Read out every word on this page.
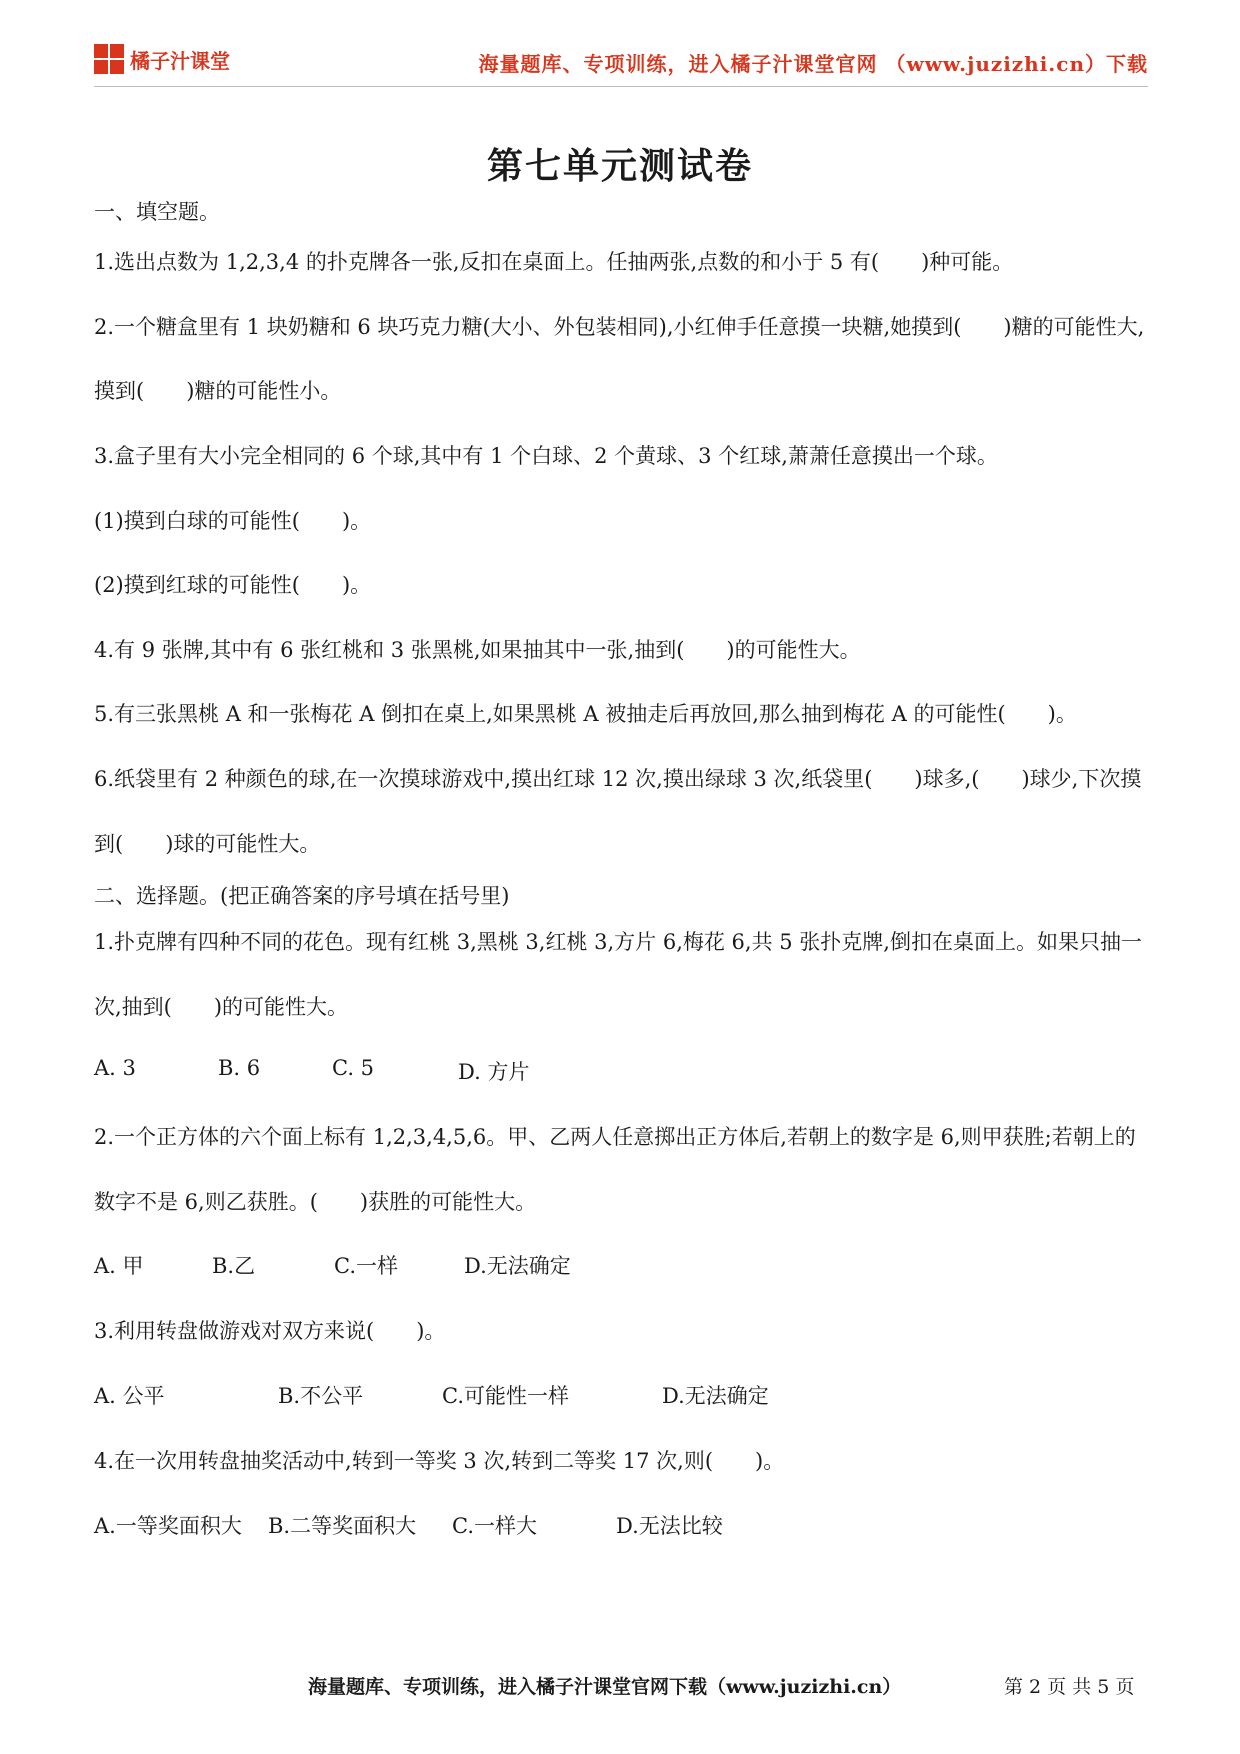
橘子汁课堂	海量题库、专项训练，进入橘子汁课堂官网 （www.juzizhi.cn）下载
第七单元测试卷
一、填空题。
1.选出点数为 1,2,3,4 的扑克牌各一张,反扣在桌面上。任抽两张,点数的和小于 5 有(　　)种可能。
2.一个糖盒里有 1 块奶糖和 6 块巧克力糖(大小、外包装相同),小红伸手任意摸一块糖,她摸到(　　)糖的可能性大,
摸到(　　)糖的可能性小。
3.盒子里有大小完全相同的 6 个球,其中有 1 个白球、2 个黄球、3 个红球,萧萧任意摸出一个球。
(1)摸到白球的可能性(　　)。
(2)摸到红球的可能性(　　)。
4.有 9 张牌,其中有 6 张红桃和 3 张黑桃,如果抽其中一张,抽到(　　)的可能性大。
5.有三张黑桃 A 和一张梅花 A 倒扣在桌上,如果黑桃 A 被抽走后再放回,那么抽到梅花 A 的可能性(　　)。
6.纸袋里有 2 种颜色的球,在一次摸球游戏中,摸出红球 12 次,摸出绿球 3 次,纸袋里(　　)球多,(　　)球少,下次摸
到(　　)球的可能性大。
二、选择题。(把正确答案的序号填在括号里)
1.扑克牌有四种不同的花色。现有红桃 3,黑桃 3,红桃 3,方片 6,梅花 6,共 5 张扑克牌,倒扣在桌面上。如果只抽一
次,抽到(　　)的可能性大。
A. 3	B. 6	C. 5	D. 方片
2.一个正方体的六个面上标有 1,2,3,4,5,6。甲、乙两人任意掷出正方体后,若朝上的数字是 6,则甲获胜;若朝上的
数字不是 6,则乙获胜。(　　)获胜的可能性大。
A. 甲	B.乙	C.一样	D.无法确定
3.利用转盘做游戏对双方来说(　　)。
A. 公平	B.不公平	C.可能性一样	D.无法确定
4.在一次用转盘抽奖活动中,转到一等奖 3 次,转到二等奖 17 次,则(　　)。
A.一等奖面积大 B.二等奖面积大 C.一样大	D.无法比较
海量题库、专项训练，进入橘子汁课堂官网下载（www.juzizhi.cn）	第 2 页 共 5 页
